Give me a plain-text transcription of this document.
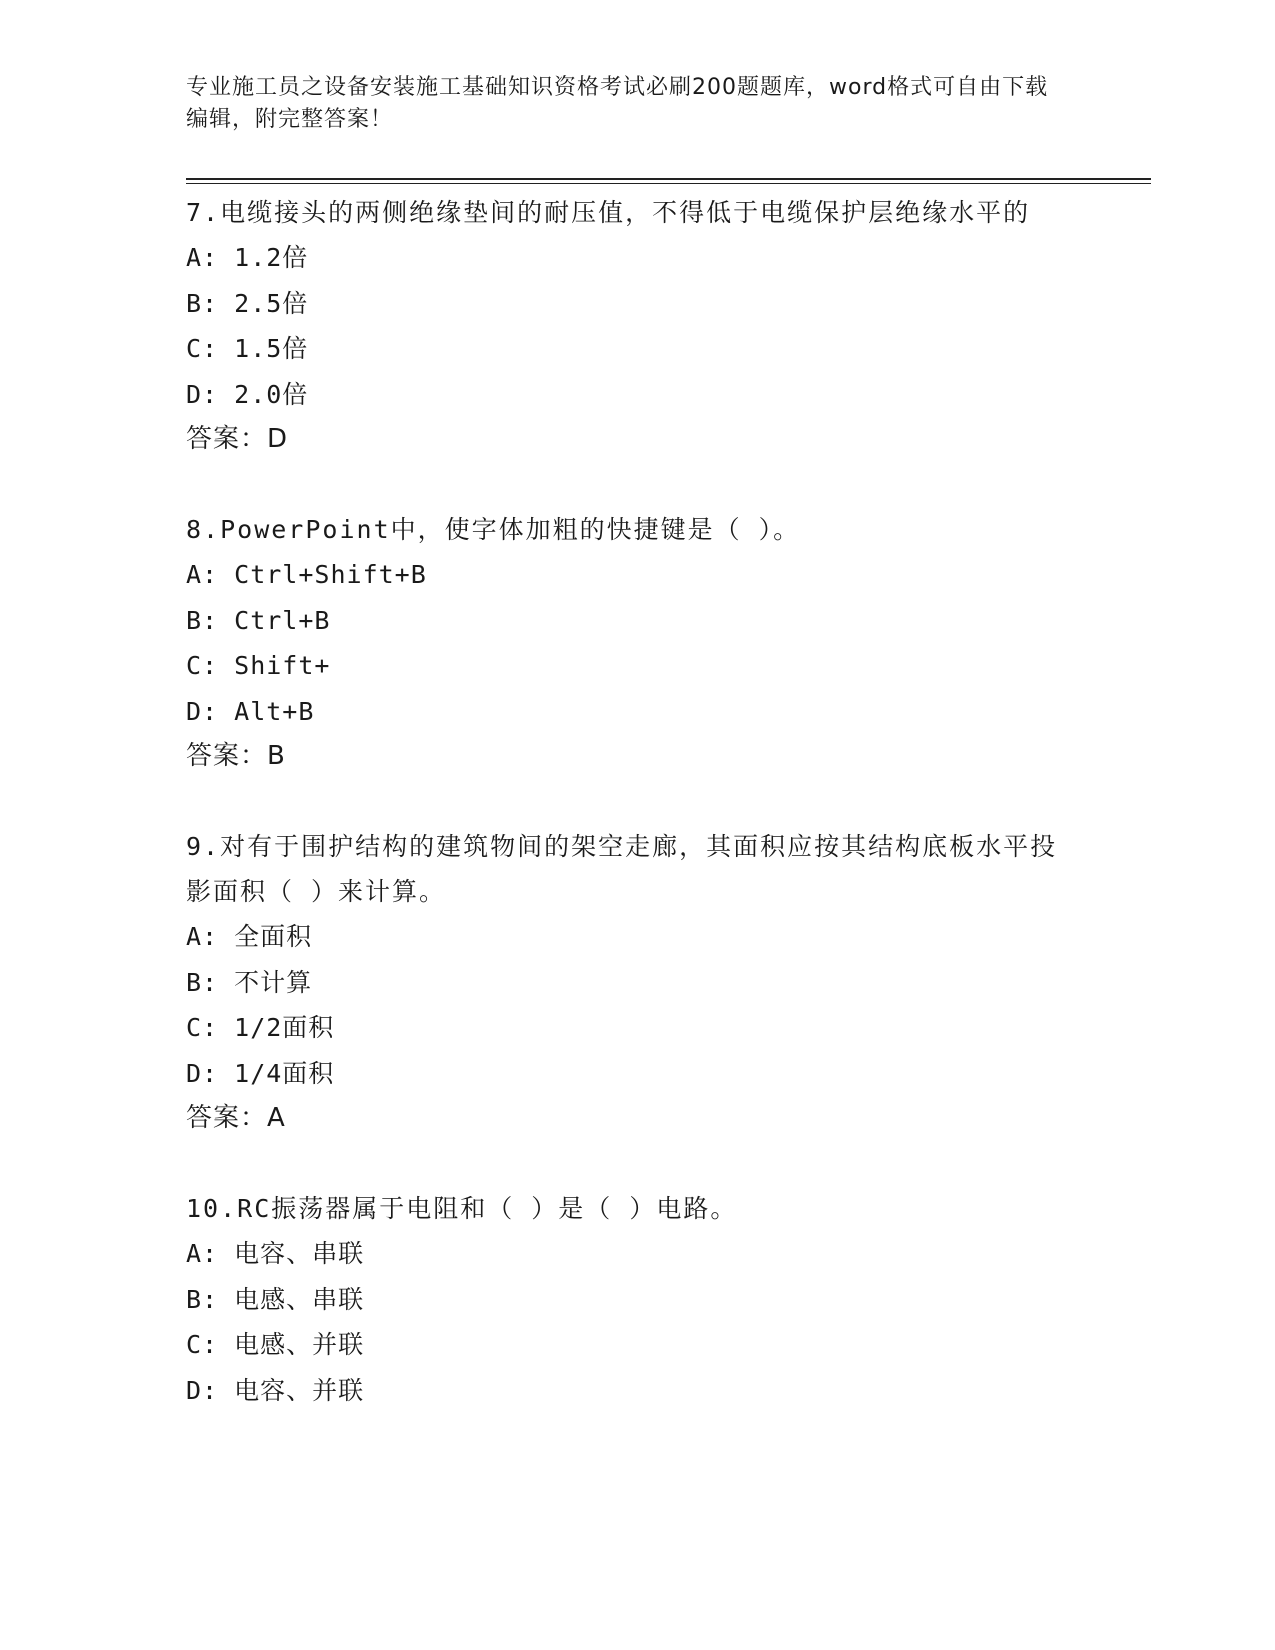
专业施工员之设备安装施工基础知识资格考试必刷200题题库，word格式可自由下载编辑，附完整答案！
7.电缆接头的两侧绝缘垫间的耐压值，不得低于电缆保护层绝缘水平的
A: 1.2倍
B: 2.5倍
C: 1.5倍
D: 2.0倍
答案：D
8.PowerPoint中，使字体加粗的快捷键是（ ）。
A: Ctrl+Shift+B
B: Ctrl+B
C: Shift+
D: Alt+B
答案：B
9.对有于围护结构的建筑物间的架空走廊，其面积应按其结构底板水平投影面积（ ）来计算。
A: 全面积
B: 不计算
C: 1/2面积
D: 1/4面积
答案：A
10.RC振荡器属于电阻和（ ）是（ ）电路。
A: 电容、串联
B: 电感、串联
C: 电感、并联
D: 电容、并联
